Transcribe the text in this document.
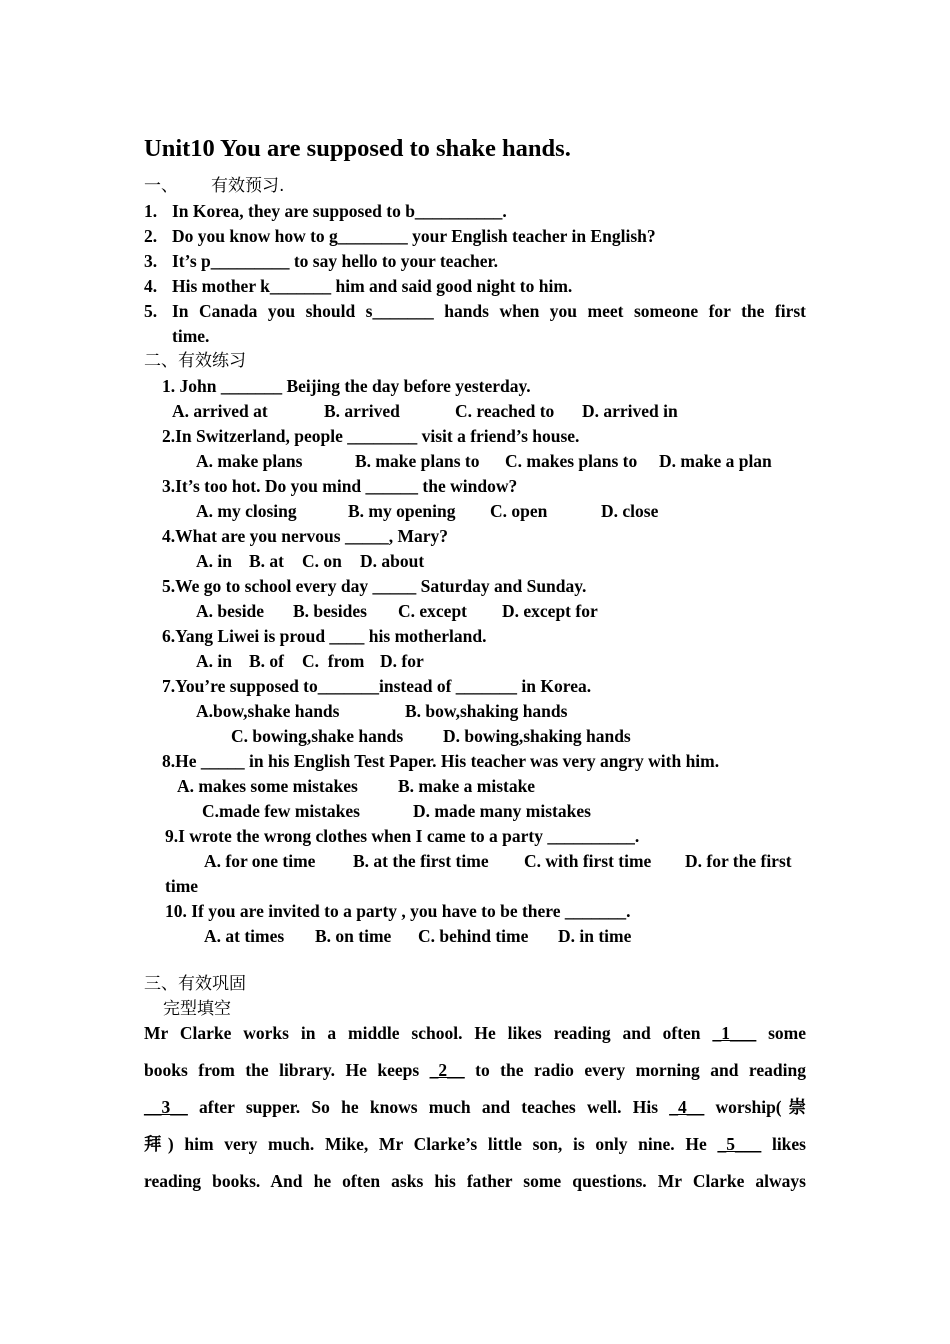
Unit10 You are supposed to shake hands.
一、 有效预习.
1. In Korea, they are supposed to b__________.
2. Do you know how to g________ your English teacher in English?
3. It’s p_________ to say hello to your teacher.
4. His mother k_______ him and said good night to him.
5. In Canada you should s_______ hands when you meet someone for the first
time.
二、有效练习
1. John _______ Beijing the day before yesterday.
A. arrived at	B. arrived	C. reached to D. arrived in
2.In Switzerland, people ________ visit a friend’s house.
A. make plans	B. make plans to C. makes plans to D. make a plan
3.It’s too hot. Do you mind ______ the window?
A. my closing	B. my opening C. open	D. close
4.What are you nervous _____, Mary?
A. in B. at C. on D. about
5.We go to school every day _____ Saturday and Sunday.
A. beside B. besides C. except D. except for
6.Yang Liwei is proud ____ his motherland.
A. in B. of C.  from D. for
7.You’re supposed to_______instead of _______ in Korea.
A.bow,shake hands	B. bow,shaking hands
C. bowing,shake hands D. bowing,shaking hands
8.He _____ in his English Test Paper. His teacher was very angry with him.
A. makes some mistakes B. make a mistake
C.made few mistakes	D. made many mistakes
9.I wrote the wrong clothes when I came to a party __________.
A. for one time B. at the first time C. with first time D. for the first
time
10. If you are invited to a party , you have to be there _______.
A. at times B. on time C. behind time D. in time
三、有效巩固
完型填空
Mr Clarke works in a middle school. He likes reading and often _1___ some
books from the library. He keeps _2__ to the radio every morning and reading
__3__ after supper. So he knows much and teaches well. His _4__ worship(崇
拜) him very much. Mike, Mr Clarke’s little son, is only nine. He _5___ likes
reading books. And he often asks his father some questions. Mr Clarke always
